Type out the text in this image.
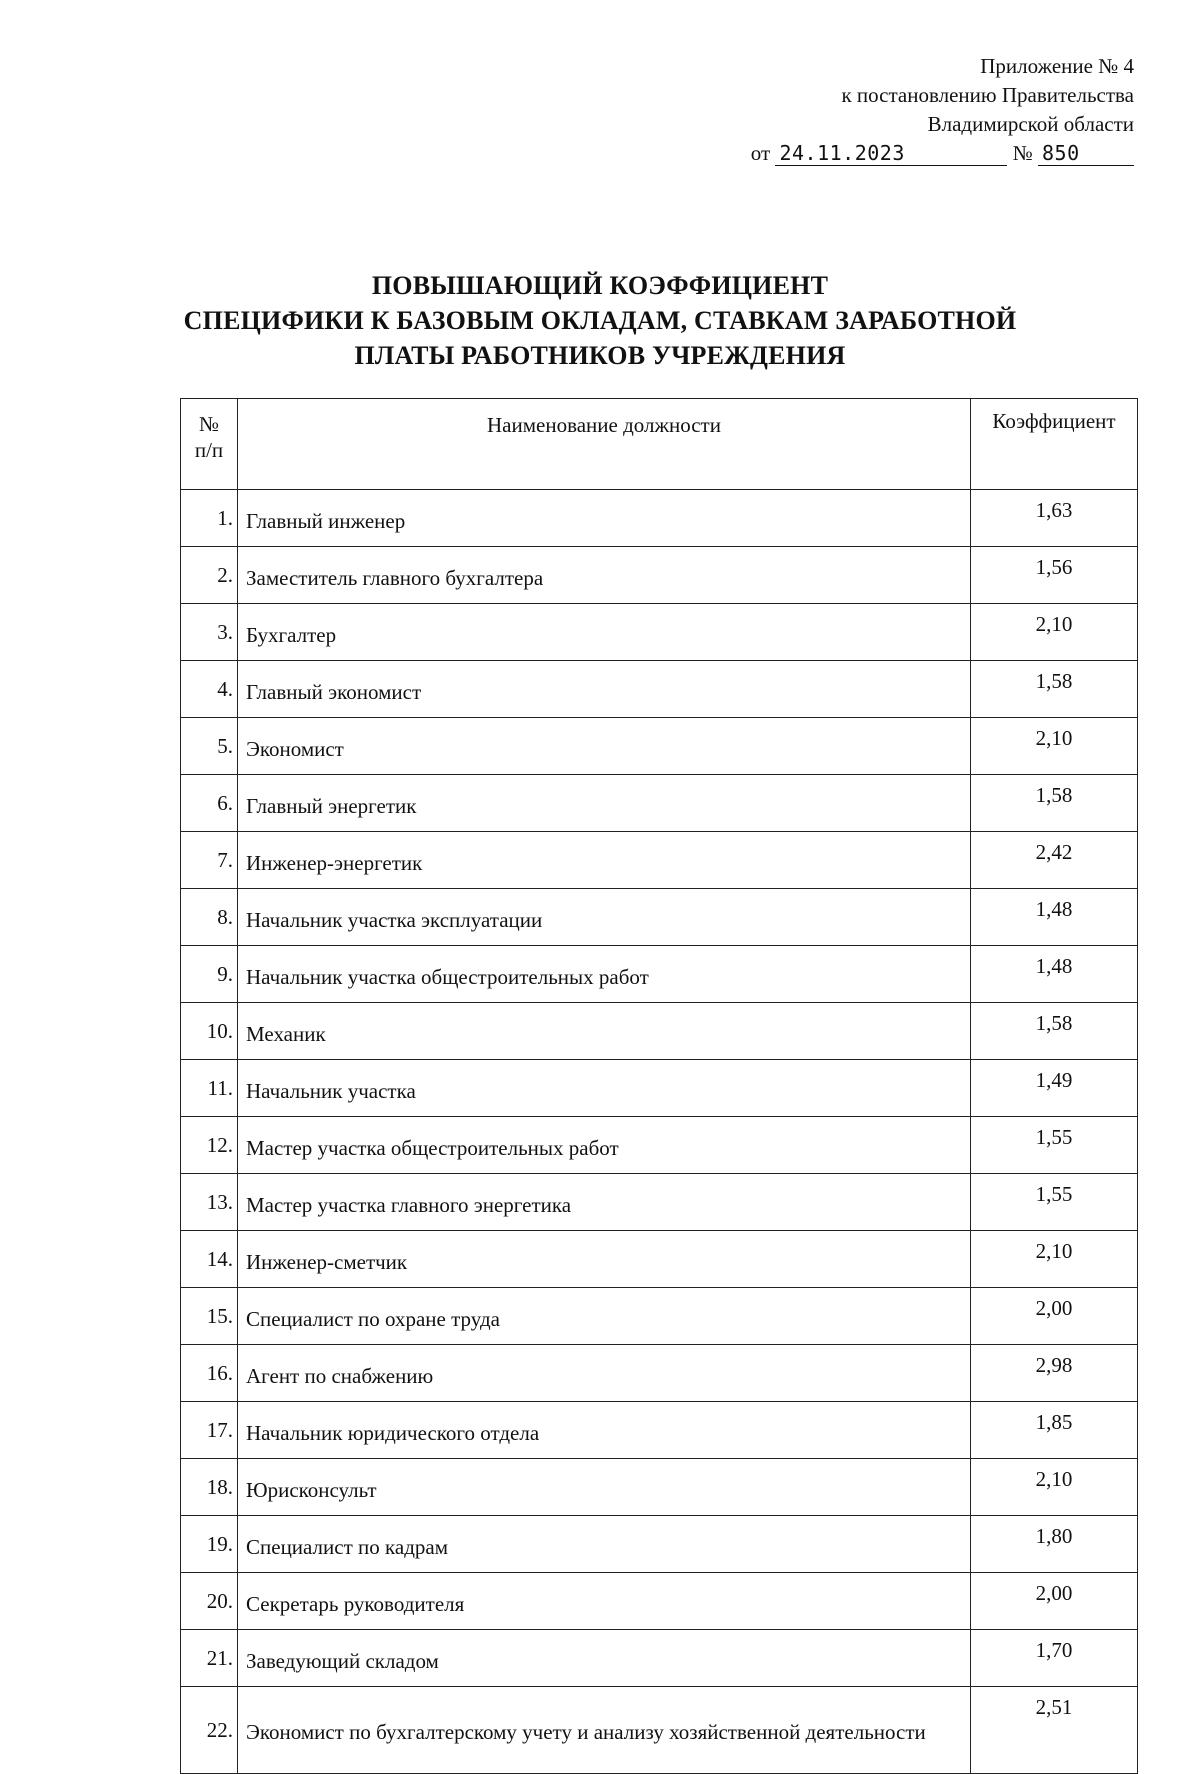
Приложение № 4
к постановлению Правительства
Владимирской области
от 24.11.2023	№ 850
ПОВЫШАЮЩИЙ КОЭФФИЦИЕНТ
СПЕЦИФИКИ К БАЗОВЫМ ОКЛАДАМ, СТАВКАМ ЗАРАБОТНОЙ
ПЛАТЫ РАБОТНИКОВ УЧРЕЖДЕНИЯ
№
п/п	Наименование должности	Коэффициент
1.	Главный инженер	1,63
2.	Заместитель главного бухгалтера	1,56
3.	Бухгалтер	2,10
4.	Главный экономист	1,58
5.	Экономист	2,10
6.	Главный энергетик	1,58
7.	Инженер-энергетик	2,42
8.	Начальник участка эксплуатации	1,48
9.	Начальник участка общестроительных работ	1,48
10.	Механик	1,58
11.	Начальник участка	1,49
12.	Мастер участка общестроительных работ	1,55
13.	Мастер участка главного энергетика	1,55
14.	Инженер-сметчик	2,10
15.	Специалист по охране труда	2,00
16.	Агент по снабжению	2,98
17.	Начальник юридического отдела	1,85
18.	Юрисконсульт	2,10
19.	Специалист по кадрам	1,80
20.	Секретарь руководителя	2,00
21.	Заведующий складом	1,70
22.	Экономист по бухгалтерскому учету и анализу хозяйственной деятельности	2,51
